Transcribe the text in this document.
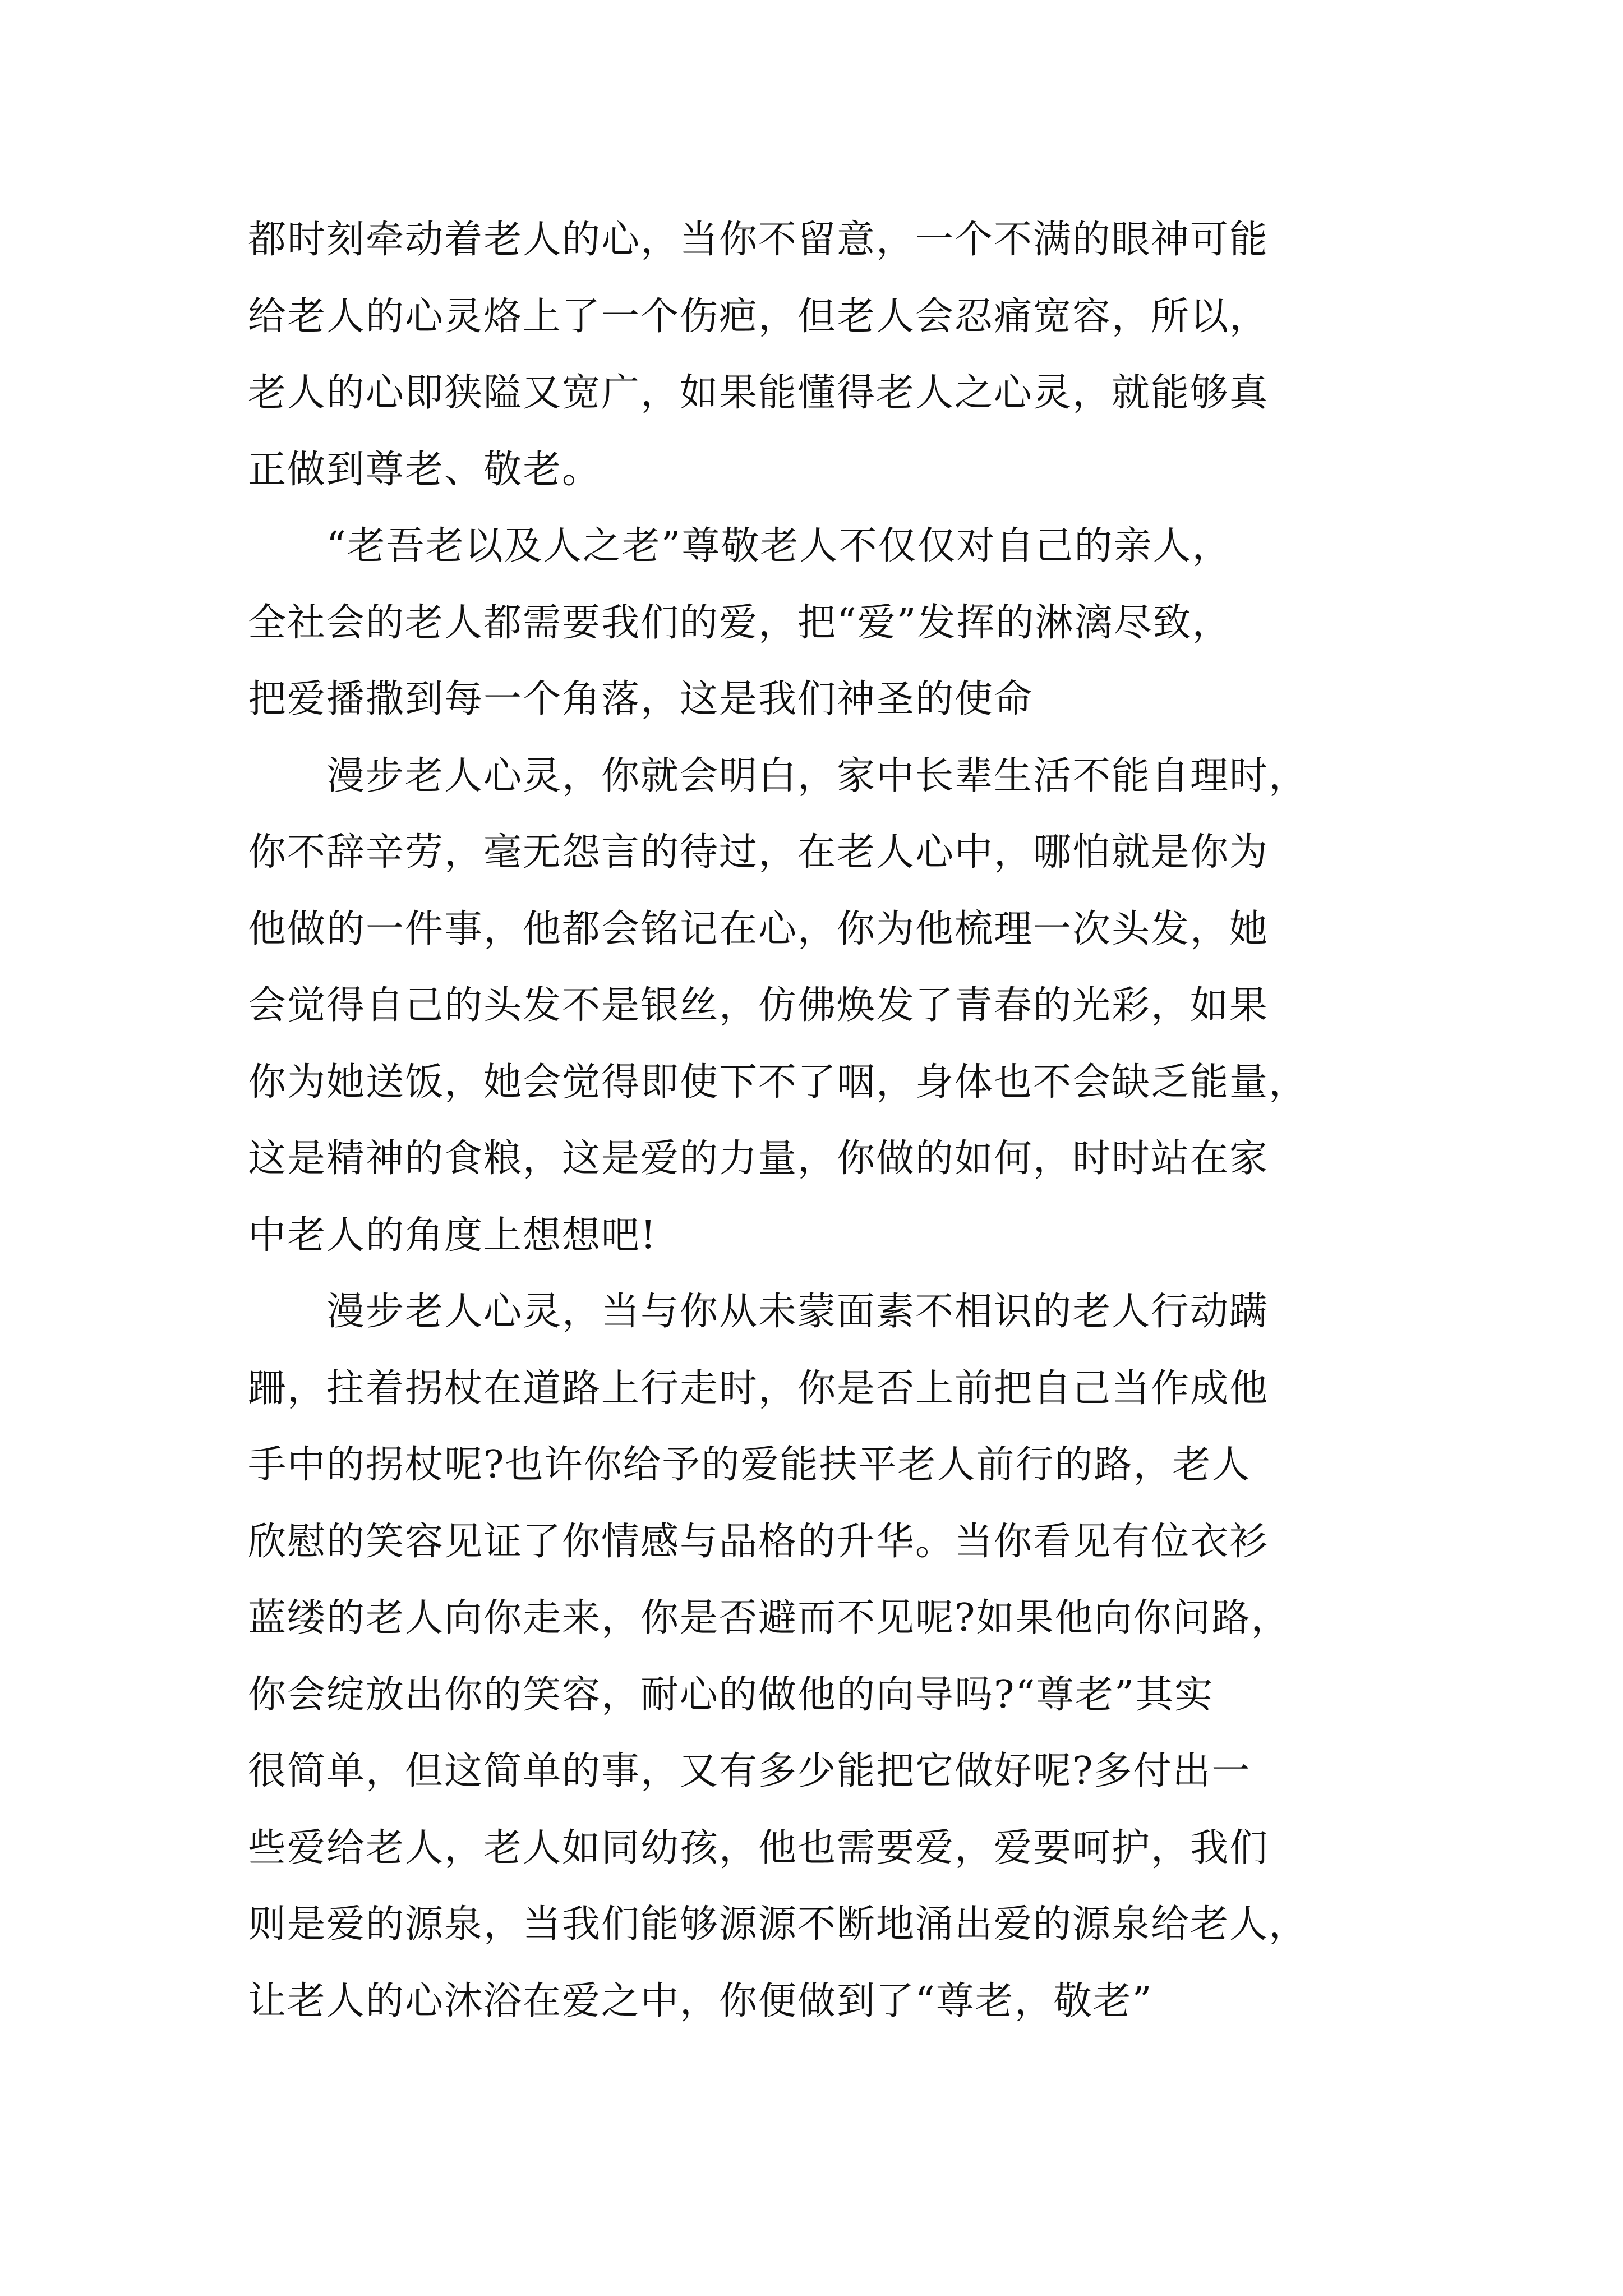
都时刻牵动着老人的心，当你不留意，一个不满的眼神可能
给老人的心灵烙上了一个伤疤，但老人会忍痛宽容，所以，
老人的心即狭隘又宽广，如果能懂得老人之心灵，就能够真
正做到尊老、敬老。
　　“老吾老以及人之老”尊敬老人不仅仅对自己的亲人，
全社会的老人都需要我们的爱，把“爱”发挥的淋漓尽致，
把爱播撒到每一个角落，这是我们神圣的使命
　　漫步老人心灵，你就会明白，家中长辈生活不能自理时，
你不辞辛劳，毫无怨言的待过，在老人心中，哪怕就是你为
他做的一件事，他都会铭记在心，你为他梳理一次头发，她
会觉得自己的头发不是银丝，仿佛焕发了青春的光彩，如果
你为她送饭，她会觉得即使下不了咽，身体也不会缺乏能量，
这是精神的食粮，这是爱的力量，你做的如何，时时站在家
中老人的角度上想想吧!
　　漫步老人心灵，当与你从未蒙面素不相识的老人行动蹒
跚，拄着拐杖在道路上行走时，你是否上前把自己当作成他
手中的拐杖呢?也许你给予的爱能扶平老人前行的路，老人
欣慰的笑容见证了你情感与品格的升华。当你看见有位衣衫
蓝缕的老人向你走来，你是否避而不见呢?如果他向你问路，
你会绽放出你的笑容，耐心的做他的向导吗?“尊老”其实
很简单，但这简单的事，又有多少能把它做好呢?多付出一
些爱给老人，老人如同幼孩，他也需要爱，爱要呵护，我们
则是爱的源泉，当我们能够源源不断地涌出爱的源泉给老人，
让老人的心沐浴在爱之中，你便做到了“尊老，敬老”
